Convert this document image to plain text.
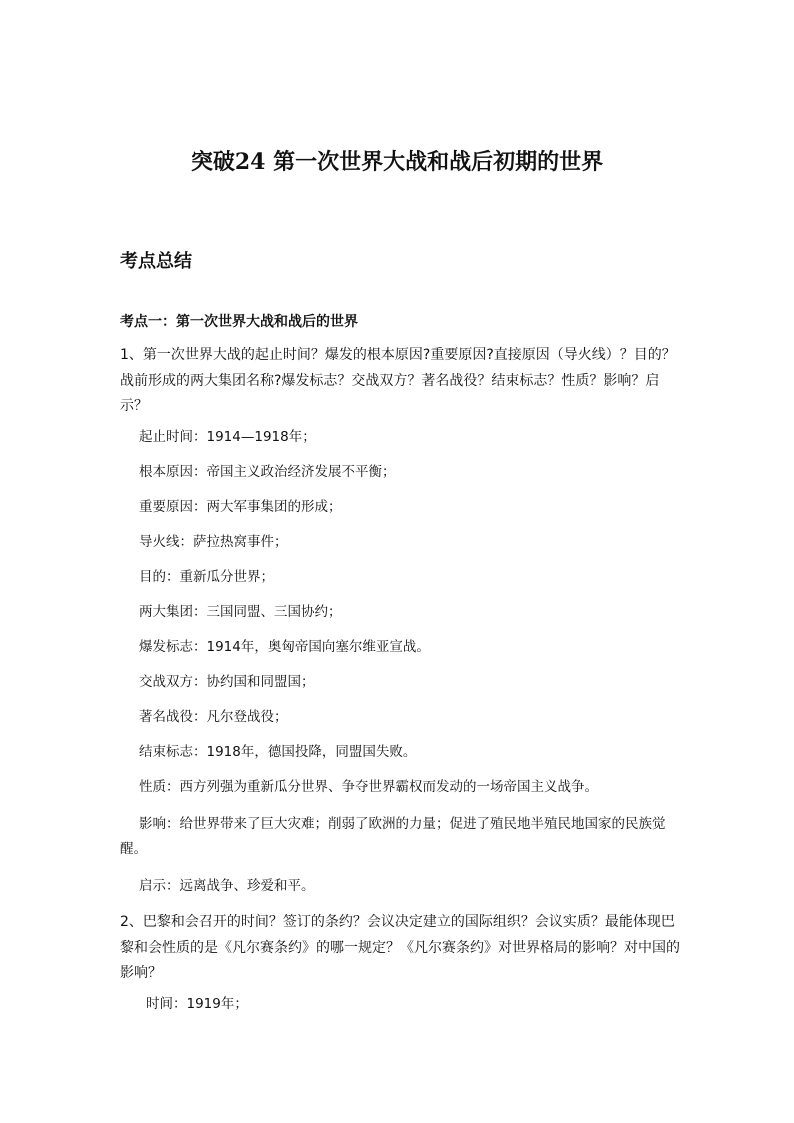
突破24 第一次世界大战和战后初期的世界
考点总结
考点一：第一次世界大战和战后的世界
1、第一次世界大战的起止时间？爆发的根本原因?重要原因?直接原因（导火线）？目的？战前形成的两大集团名称?爆发标志？交战双方？著名战役？结束标志？性质？影响？启示？
起止时间：1914—1918年；
根本原因：帝国主义政治经济发展不平衡；
重要原因：两大军事集团的形成；
导火线：萨拉热窝事件；
目的：重新瓜分世界；
两大集团：三国同盟、三国协约；
爆发标志：1914年，奥匈帝国向塞尔维亚宣战。
交战双方：协约国和同盟国；
著名战役：凡尔登战役；
结束标志：1918年，德国投降，同盟国失败。
性质：西方列强为重新瓜分世界、争夺世界霸权而发动的一场帝国主义战争。
影响：给世界带来了巨大灾难；削弱了欧洲的力量；促进了殖民地半殖民地国家的民族觉醒。
启示：远离战争、珍爱和平。
2、巴黎和会召开的时间？签订的条约？会议决定建立的国际组织？会议实质？最能体现巴黎和会性质的是《凡尔赛条约》的哪一规定？《凡尔赛条约》对世界格局的影响？对中国的影响？
时间：1919年；
